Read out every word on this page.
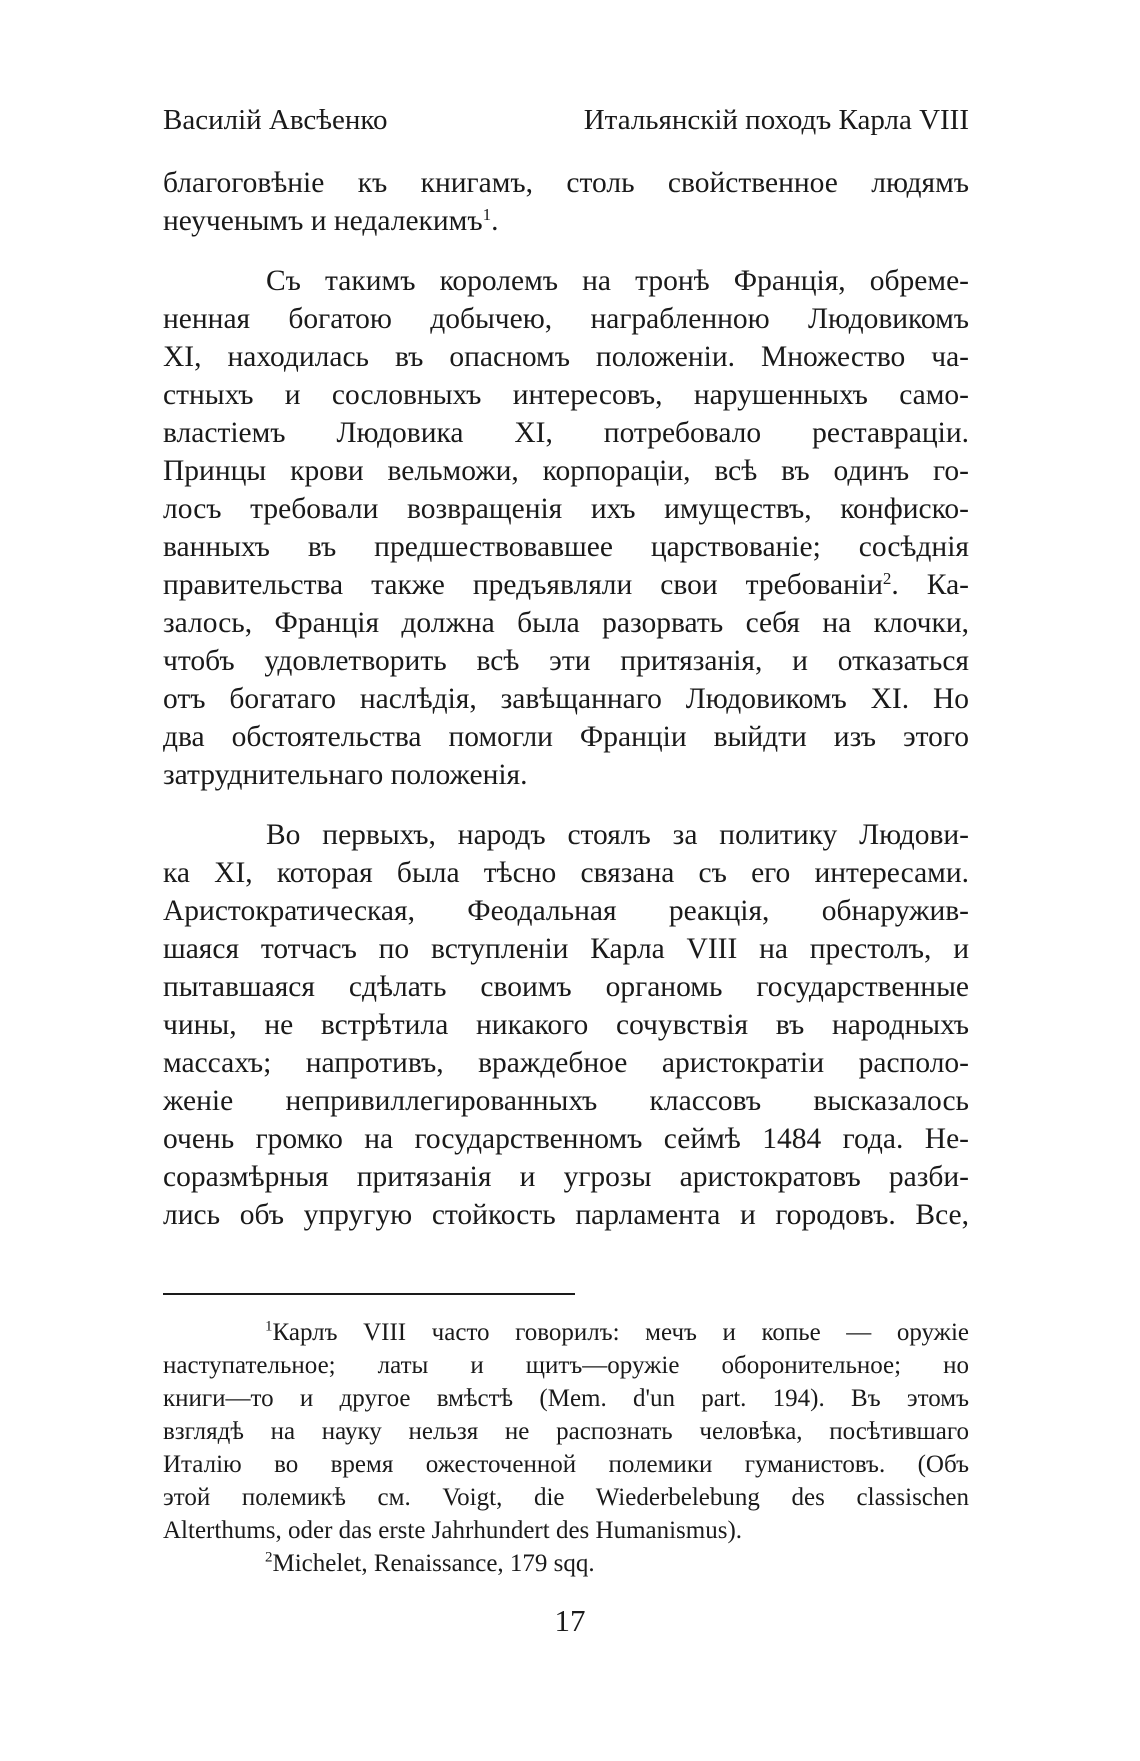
Василій Авсѣенко	Итальянскій походъ Карла VIII
благоговѣніе къ книгамъ, столь свойственное людямъ
неученымъ и недалекимъ$^1$.
Съ такимъ королемъ на тронѣ Франція, обреме-
ненная богатою добычею, награбленною Людовикомъ
XI, находилась въ опасномъ положеніи. Множество ча-
стныхъ и сословныхъ интересовъ, нарушенныхъ само-
властіемъ Людовика XI, потребовало реставраціи.
Принцы крови вельможи, корпораціи, всѣ въ одинъ го-
лосъ требовали возвращенія ихъ имуществъ, конфиско-
ванныхъ въ предшествовавшее царствованіе; сосѣднія
правительства также предъявляли свои требованіи$^2$. Ка-
залось, Франція должна была разорвать себя на клочки,
чтобъ удовлетворить всѣ эти притязанія, и отказаться
отъ богатаго наслѣдія, завѣщаннаго Людовикомъ XI. Но
два обстоятельства помогли Франціи выйдти изъ этого
затруднительнаго положенія.
Во первыхъ, народъ стоялъ за политику Людови-
ка XI, которая была тѣсно связана съ его интересами.
Аристократическая, Феодальная реакція, обнаружив-
шаяся тотчасъ по вступленіи Карла VIII на престолъ, и
пытавшаяся сдѣлать своимъ органомь государственные
чины, не встрѣтила никакого сочувствія въ народныхъ
массахъ; напротивъ, враждебное аристократіи располо-
женіе непривиллегированныхъ классовъ высказалось
очень громко на государственномъ сеймѣ 1484 года. Не-
соразмѣрныя притязанія и угрозы аристократовъ разби-
лись объ упругую стойкость парламента и городовъ. Все,
$^1$Карлъ VIII часто говорилъ: мечъ и копье — оружіе
наступательное; латы и щитъ—оружіе оборонительное; но
книги—то и другое вмѣстѣ (Mem. d'un part. 194). Въ этомъ
взглядѣ на науку нельзя не распознать человѣка, посѣтившаго
Италію во время ожесточенной полемики гуманистовъ. (Объ
этой полемикѣ см. Voigt, die Wiederbelebung des classischen
Alterthums, oder das erste Jahrhundert des Humanismus).
$^2$Michelet, Renaissance, 179 sqq.
17
